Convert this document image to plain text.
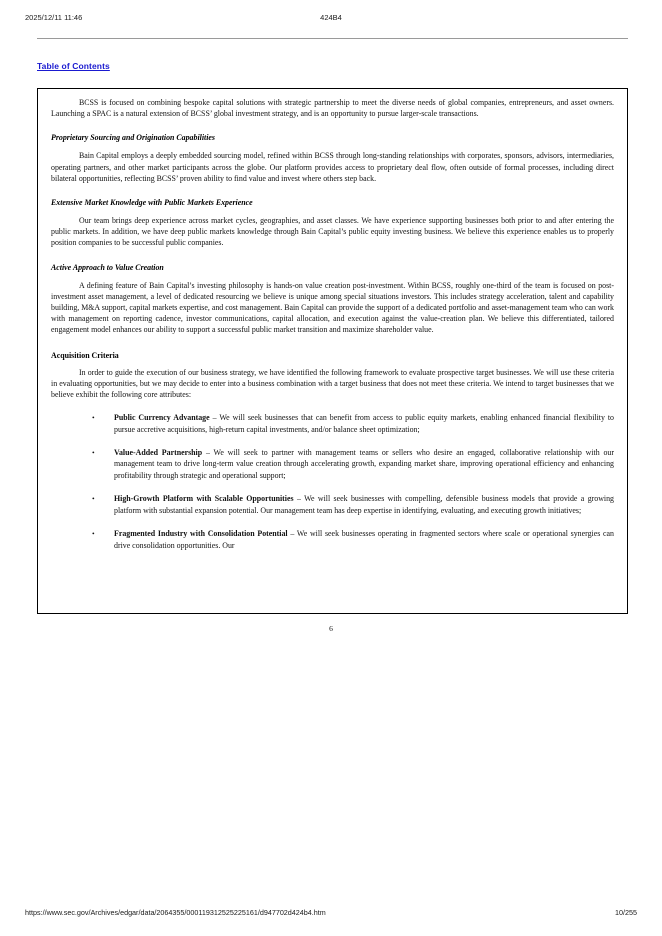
2025/12/11 11:46	424B4
Table of Contents

BCSS is focused on combining bespoke capital solutions with strategic partnership to meet the diverse needs of global companies, entrepreneurs, and asset owners. Launching a SPAC is a natural extension of BCSS’ global investment strategy, and is an opportunity to pursue larger-scale transactions.

Proprietary Sourcing and Origination Capabilities

Bain Capital employs a deeply embedded sourcing model, refined within BCSS through long-standing relationships with corporates, sponsors, advisors, intermediaries, operating partners, and other market participants across the globe. Our platform provides access to proprietary deal flow, often outside of formal processes, including direct bilateral opportunities, reflecting BCSS’ proven ability to find value and invest where others step back.

Extensive Market Knowledge with Public Markets Experience

Our team brings deep experience across market cycles, geographies, and asset classes. We have experience supporting businesses both prior to and after entering the public markets. In addition, we have deep public markets knowledge through Bain Capital’s public equity investing business. We believe this experience enables us to properly position companies to be successful public companies.

Active Approach to Value Creation

A defining feature of Bain Capital’s investing philosophy is hands-on value creation post-investment. Within BCSS, roughly one-third of the team is focused on post-investment asset management, a level of dedicated resourcing we believe is unique among special situations investors. This includes strategy acceleration, talent and capability building, M&A support, capital markets expertise, and cost management. Bain Capital can provide the support of a dedicated portfolio and asset-management team who can work with management on reporting cadence, investor communications, capital allocation, and execution against the value-creation plan. We believe this differentiated, tailored engagement model enhances our ability to support a successful public market transition and maximize shareholder value.

Acquisition Criteria

In order to guide the execution of our business strategy, we have identified the following framework to evaluate prospective target businesses. We will use these criteria in evaluating opportunities, but we may decide to enter into a business combination with a target business that does not meet these criteria. We intend to target businesses that we believe exhibit the following core attributes:

• Public Currency Advantage – We will seek businesses that can benefit from access to public equity markets, enabling enhanced financial flexibility to pursue accretive acquisitions, high-return capital investments, and/or balance sheet optimization;
• Value-Added Partnership – We will seek to partner with management teams or sellers who desire an engaged, collaborative relationship with our management team to drive long-term value creation through accelerating growth, expanding market share, improving operational efficiency and enhancing profitability through strategic and operational support;
• High-Growth Platform with Scalable Opportunities – We will seek businesses with compelling, defensible business models that provide a growing platform with substantial expansion potential. Our management team has deep expertise in identifying, evaluating, and executing growth initiatives;
• Fragmented Industry with Consolidation Potential – We will seek businesses operating in fragmented sectors where scale or operational synergies can drive consolidation opportunities. Our
6
https://www.sec.gov/Archives/edgar/data/2064355/000119312525225161/d947702d424b4.htm	10/255
